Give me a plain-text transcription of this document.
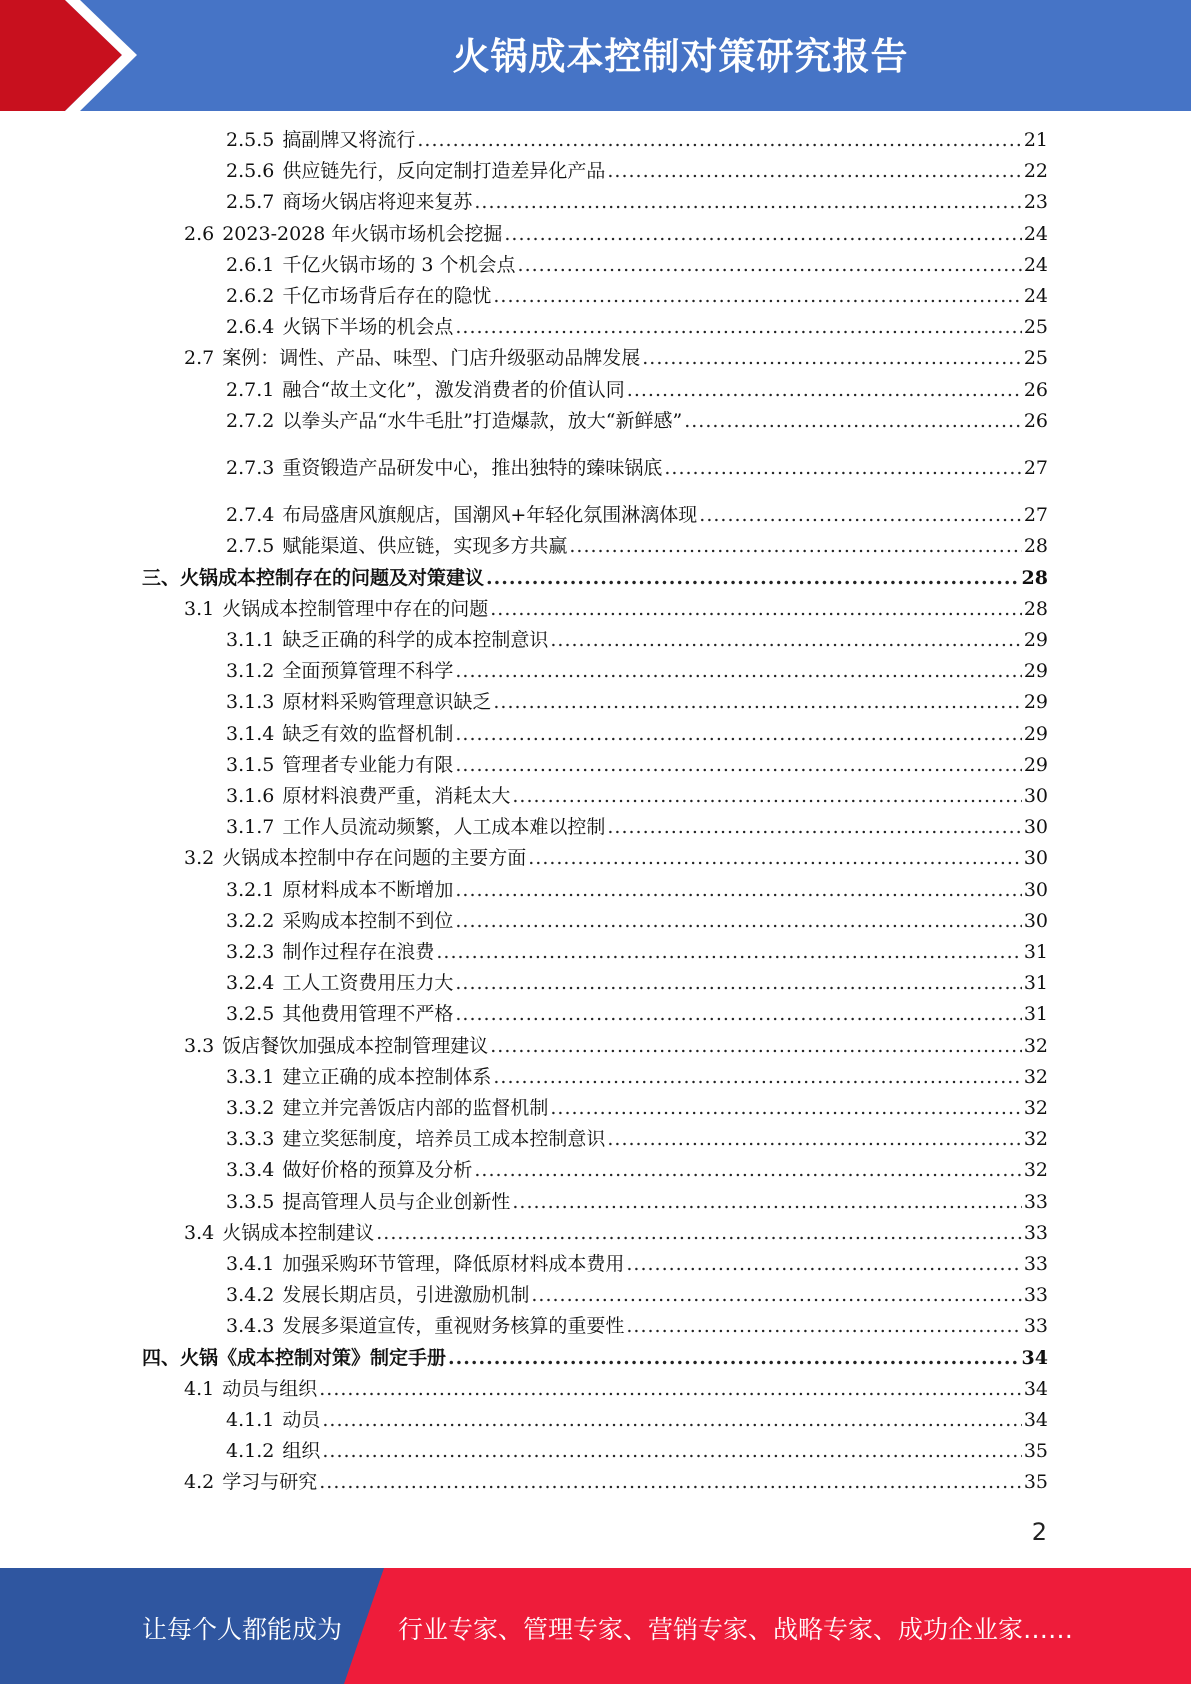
火锅成本控制对策研究报告
2.5.5 搞副牌又将流行 .....	21
2.5.6 供应链先行，反向定制打造差异化产品 .....	22
2.5.7 商场火锅店将迎来复苏 .....	23
2.6 2023-2028 年火锅市场机会挖掘 .....	24
2.6.1 千亿火锅市场的 3 个机会点 .....	24
2.6.2 千亿市场背后存在的隐忧 .....	24
2.6.4 火锅下半场的机会点 .....	25
2.7 案例：调性、产品、味型、门店升级驱动品牌发展 .....	25
2.7.1 融合“故土文化”，激发消费者的价值认同 .....	26
2.7.2 以拳头产品“水牛毛肚”打造爆款，放大“新鲜感” .....	26
2.7.3 重资锻造产品研发中心，推出独特的臻味锅底 .....	27
2.7.4 布局盛唐风旗舰店，国潮风+年轻化氛围淋漓体现 .....	27
2.7.5 赋能渠道、供应链，实现多方共赢 .....	28
三、火锅成本控制存在的问题及对策建议 .....	28
3.1 火锅成本控制管理中存在的问题 .....	28
3.1.1 缺乏正确的科学的成本控制意识 .....	29
3.1.2 全面预算管理不科学 .....	29
3.1.3 原材料采购管理意识缺乏 .....	29
3.1.4 缺乏有效的监督机制 .....	29
3.1.5 管理者专业能力有限 .....	29
3.1.6 原材料浪费严重，消耗太大 .....	30
3.1.7 工作人员流动频繁，人工成本难以控制 .....	30
3.2 火锅成本控制中存在问题的主要方面 .....	30
3.2.1 原材料成本不断增加 .....	30
3.2.2 采购成本控制不到位 .....	30
3.2.3 制作过程存在浪费 .....	31
3.2.4 工人工资费用压力大 .....	31
3.2.5 其他费用管理不严格 .....	31
3.3 饭店餐饮加强成本控制管理建议 .....	32
3.3.1 建立正确的成本控制体系 .....	32
3.3.2 建立并完善饭店内部的监督机制 .....	32
3.3.3 建立奖惩制度，培养员工成本控制意识 .....	32
3.3.4 做好价格的预算及分析 .....	32
3.3.5 提高管理人员与企业创新性 .....	33
3.4 火锅成本控制建议 .....	33
3.4.1 加强采购环节管理，降低原材料成本费用 .....	33
3.4.2 发展长期店员，引进激励机制 .....	33
3.4.3 发展多渠道宣传，重视财务核算的重要性 .....	33
四、火锅《成本控制对策》制定手册 .....	34
4.1 动员与组织 .....	34
4.1.1 动员 .....	34
4.1.2 组织 .....	35
4.2 学习与研究 .....	35
2
让每个人都能成为 行业专家、管理专家、营销专家、战略专家、成功企业家……
